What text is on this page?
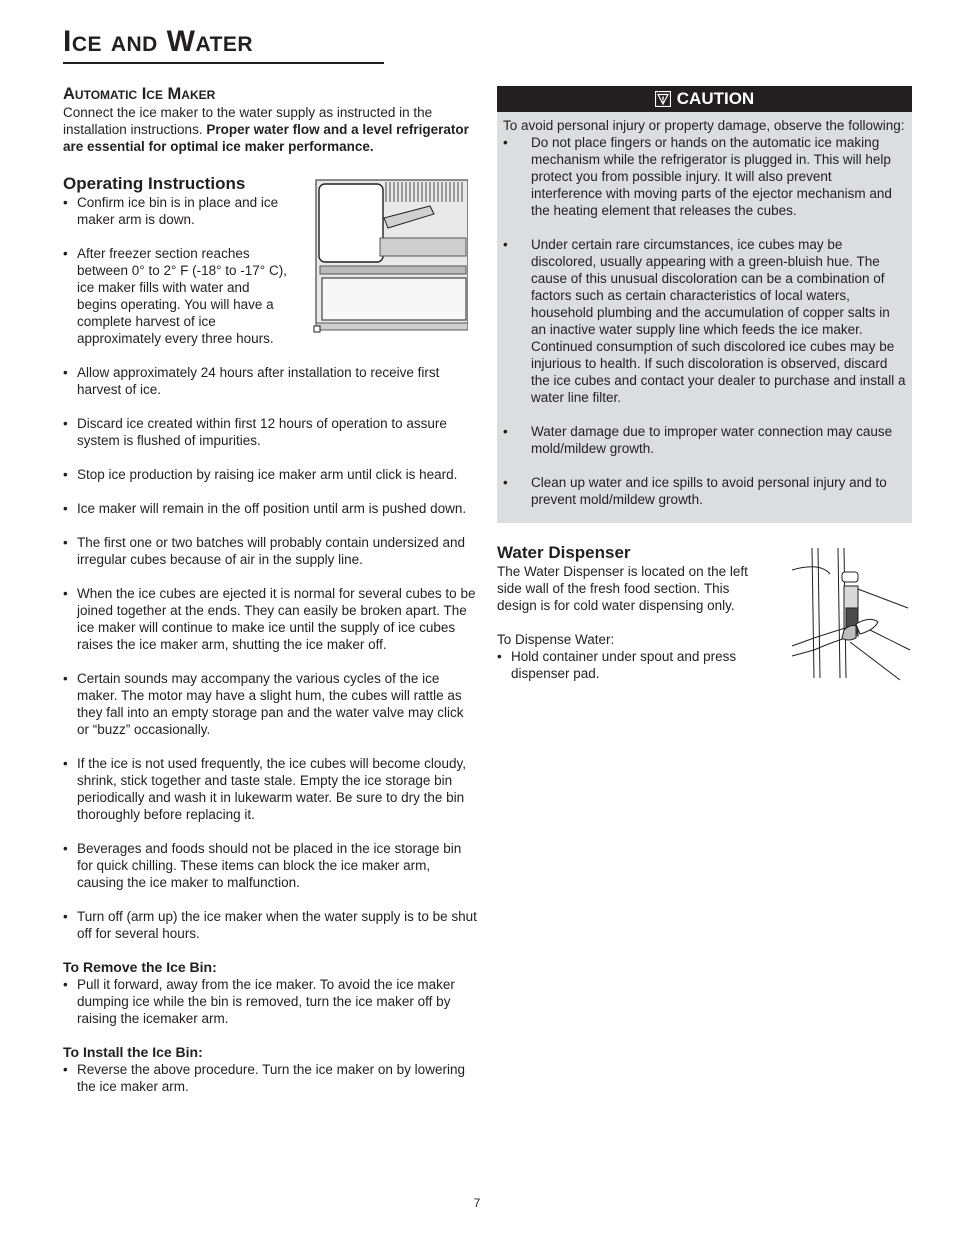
Ice and Water
Automatic Ice Maker

Connect the ice maker to the water supply as instructed in the installation instructions. Proper water flow and a level refrigerator are essential for optimal ice maker performance.

Operating Instructions
• Confirm ice bin is in place and ice maker arm is down.
• After freezer section reaches between 0° to 2° F (-18° to -17° C), ice maker fills with water and begins operating. You will have a complete harvest of ice approximately every three hours.
• Allow approximately 24 hours after installation to receive first harvest of ice.
• Discard ice created within first 12 hours of operation to assure system is flushed of impurities.
• Stop ice production by raising ice maker arm until click is heard.
• Ice maker will remain in the off position until arm is pushed down.
• The first one or two batches will probably contain undersized and irregular cubes because of air in the supply line.
• When the ice cubes are ejected it is normal for several cubes to be joined together at the ends. They can easily be broken apart. The ice maker will continue to make ice until the supply of ice cubes raises the ice maker arm, shutting the ice maker off.
• Certain sounds may accompany the various cycles of the ice maker. The motor may have a slight hum, the cubes will rattle as they fall into an empty storage pan and the water valve may click or “buzz” occasionally.
• If the ice is not used frequently, the ice cubes will become cloudy, shrink, stick together and taste stale. Empty the ice storage bin periodically and wash it in lukewarm water. Be sure to dry the bin thoroughly before replacing it.
• Beverages and foods should not be placed in the ice storage bin for quick chilling. These items can block the ice maker arm, causing the ice maker to malfunction.
• Turn off (arm up) the ice maker when the water supply is to be shut off for several hours.
To Remove the Ice Bin:
• Pull it forward, away from the ice maker. To avoid the ice maker dumping ice while the bin is removed, turn the ice maker off by raising the icemaker arm.
To Install the Ice Bin:
• Reverse the above procedure. Turn the ice maker on by lowering the ice maker arm.
CAUTION

To avoid personal injury or property damage, observe the following:

• Do not place fingers or hands on the automatic ice making mechanism while the refrigerator is plugged in. This will help protect you from possible injury. It will also prevent interference with moving parts of the ejector mechanism and the heating element that releases the cubes.
• Under certain rare circumstances, ice cubes may be discolored, usually appearing with a green-bluish hue. The cause of this unusual discoloration can be a combination of factors such as certain characteristics of local waters, household plumbing and the accumulation of copper salts in an inactive water supply line which feeds the ice maker. Continued consumption of such discolored ice cubes may be injurious to health. If such discoloration is observed, discard the ice cubes and contact your dealer to purchase and install a water line filter.
• Water damage due to improper water connection may cause mold/mildew growth.
• Clean up water and ice spills to avoid personal injury and to prevent mold/mildew growth.
Water Dispenser

The Water Dispenser is located on the left side wall of the fresh food section. This design is for cold water dispensing only.

To Dispense Water:

• Hold container under spout and press dispenser pad.
7
